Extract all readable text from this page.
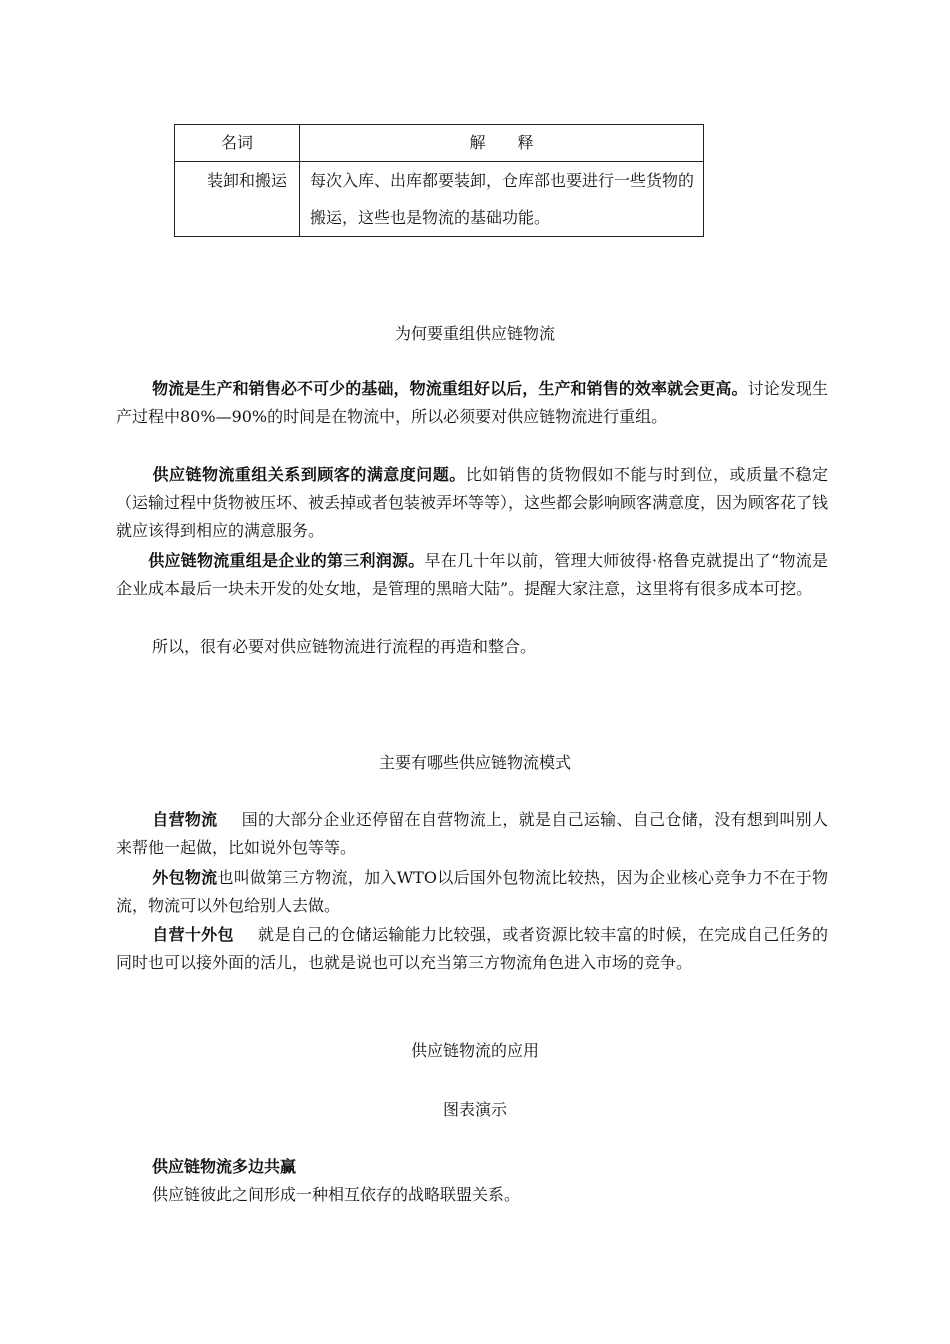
名词	解　　释
装卸和搬运	每次入库、出库都要装卸，仓库部也要进行一些货物的搬运，这些也是物流的基础功能。
为何要重组供应链物流

物流是生产和销售必不可少的基础，物流重组好以后，生产和销售的效率就会更高。讨论发现生产过程中80%—90%的时间是在物流中，所以必须要对供应链物流进行重组。

供应链物流重组关系到顾客的满意度问题。比如销售的货物假如不能与时到位，或质量不稳定（运输过程中货物被压坏、被丢掉或者包装被弄坏等等），这些都会影响顾客满意度，因为顾客花了钱就应该得到相应的满意服务。

供应链物流重组是企业的第三利润源。早在几十年以前，管理大师彼得·格鲁克就提出了“物流是企业成本最后一块未开发的处女地，是管理的黑暗大陆”。提醒大家注意，这里将有很多成本可挖。

所以，很有必要对供应链物流进行流程的再造和整合。

主要有哪些供应链物流模式

自营物流 国的大部分企业还停留在自营物流上，就是自己运输、自己仓储，没有想到叫别人来帮他一起做，比如说外包等等。

外包物流也叫做第三方物流，加入WTO以后国外包物流比较热，因为企业核心竞争力不在于物流，物流可以外包给别人去做。

自营十外包 就是自己的仓储运输能力比较强，或者资源比较丰富的时候，在完成自己任务的同时也可以接外面的活儿，也就是说也可以充当第三方物流角色进入市场的竞争。

供应链物流的应用
图表演示

供应链物流多边共赢

供应链彼此之间形成一种相互依存的战略联盟关系。
